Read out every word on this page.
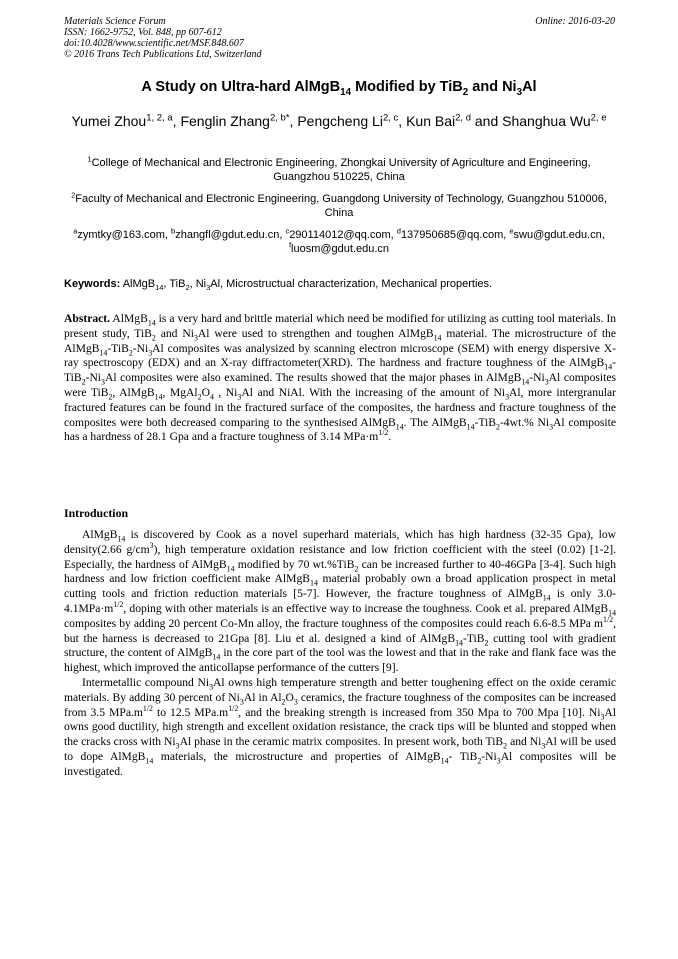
Materials Science Forum
ISSN: 1662-9752, Vol. 848, pp 607-612
doi:10.4028/www.scientific.net/MSF.848.607
© 2016 Trans Tech Publications Ltd, Switzerland
Online: 2016-03-20
A Study on Ultra-hard AlMgB$_{14}$ Modified by TiB$_2$ and $Ni_3Al$
Yumei Zhou$^{1, 2, a}$, Fenglin Zhang$^{2, b*}$, Pengcheng Li$^{2, c}$, Kun Bai$^{2, d}$ and Shanghua Wu$^{2, e}$
$^1$College of Mechanical and Electronic Engineering, Zhongkai University of Agriculture and Engineering, Guangzhou 510225, China
$^2$Faculty of Mechanical and Electronic Engineering, Guangdong University of Technology, Guangzhou 510006, China
$^a$zymtky@163.com, $^b$zhangfl@gdut.edu.cn, $^c$290114012@qq.com, $^d$137950685@qq.com, $^e$swu@gdut.edu.cn, $^f$luosm@gdut.edu.cn
Keywords: AlMgB$_{14}$, TiB$_2$, $Ni_3Al$, Microstructual characterization, Mechanical properties.
Abstract. AlMgB$_{14}$ is a very hard and brittle material which need be modified for utilizing as cutting tool materials. In present study, TiB$_2$ and $Ni_3Al$ were used to strengthen and toughen AlMgB$_{14}$ material. The microstructure of the $AlMgB_{14}-TiB_2-Ni_3Al$ composites was analysized by scanning electron microscope (SEM) with energy dispersive X-ray spectroscopy (EDX) and an X-ray diffractometer(XRD). The hardness and fracture toughness of the $AlMgB_{14}-TiB_2-Ni_3Al$ composites were also examined. The results showed that the major phases in $AlMgB_{14}-Ni_3Al$ composites were TiB$_2$, AlMgB$_{14}$, $MgAl_2O_4$ , $Ni_3Al$ and NiAl. With the increasing of the amount of $Ni_3Al$, more intergranular fractured features can be found in the fractured surface of the composites, the hardness and fracture toughness of the composites were both decreased comparing to the synthesised AlMgB$_{14}$. The AlMgB$_{14}$-TiB$_2$-4wt.% $Ni_3Al$ composite has a hardness of 28.1 Gpa and a fracture toughness of 3.14 $MPa\cdot m^{1/2}$.
Introduction

AlMgB$_{14}$ is discovered by Cook as a novel superhard materials, which has high hardness (32-35 Gpa), low density(2.66 $g/cm^3$), high temperature oxidation resistance and low friction coefficient with the steel (0.02) [1-2]. Especially, the hardness of AlMgB$_{14}$ modified by 70 wt.%TiB$_2$ can be increased further to 40-46GPa [3-4]. Such high hardness and low friction coefficient make AlMgB$_{14}$ material probably own a broad application prospect in metal cutting tools and friction reduction materials [5-7]. However, the fracture toughness of AlMgB$_{14}$ is only $3.0-4.1MPa\cdot m^{1/2}$, doping with other materials is an effective way to increase the toughness. Cook et al. prepared AlMgB$_{14}$ composites by adding 20 percent Co-Mn alloy, the fracture toughness of the composites could reach 6.6-8.5 MPa $m^{1/2}$, but the harness is decreased to 21Gpa [8]. Liu et al. designed a kind of AlMgB$_{14}$-TiB$_2$ cutting tool with gradient structure, the content of AlMgB$_{14}$ in the core part of the tool was the lowest and that in the rake and flank face was the highest, which improved the anticollapse performance of the cutters [9].

Intermetallic compound $Ni_3Al$ owns high temperature strength and better toughening effect on the oxide ceramic materials. By adding 30 percent of $Ni_3Al$ in $Al_2O_3$ ceramics, the fracture toughness of the composites can be increased from 3.5 $MPa.m^{1/2}$ to 12.5 $MPa.m^{1/2}$, and the breaking strength is increased from 350 Mpa to 700 Mpa [10]. $Ni_3Al$ owns good ductility, high strength and excellent oxidation resistance, the crack tips will be blunted and stopped when the cracks cross with $Ni_3Al$ phase in the ceramic matrix composites. In present work, both TiB$_2$ and $Ni_3Al$ will be used to dope AlMgB$_{14}$ materials, the microstructure and properties of AlMgB$_{14}$- $TiB_2-Ni_3Al$ composites will be investigated.
